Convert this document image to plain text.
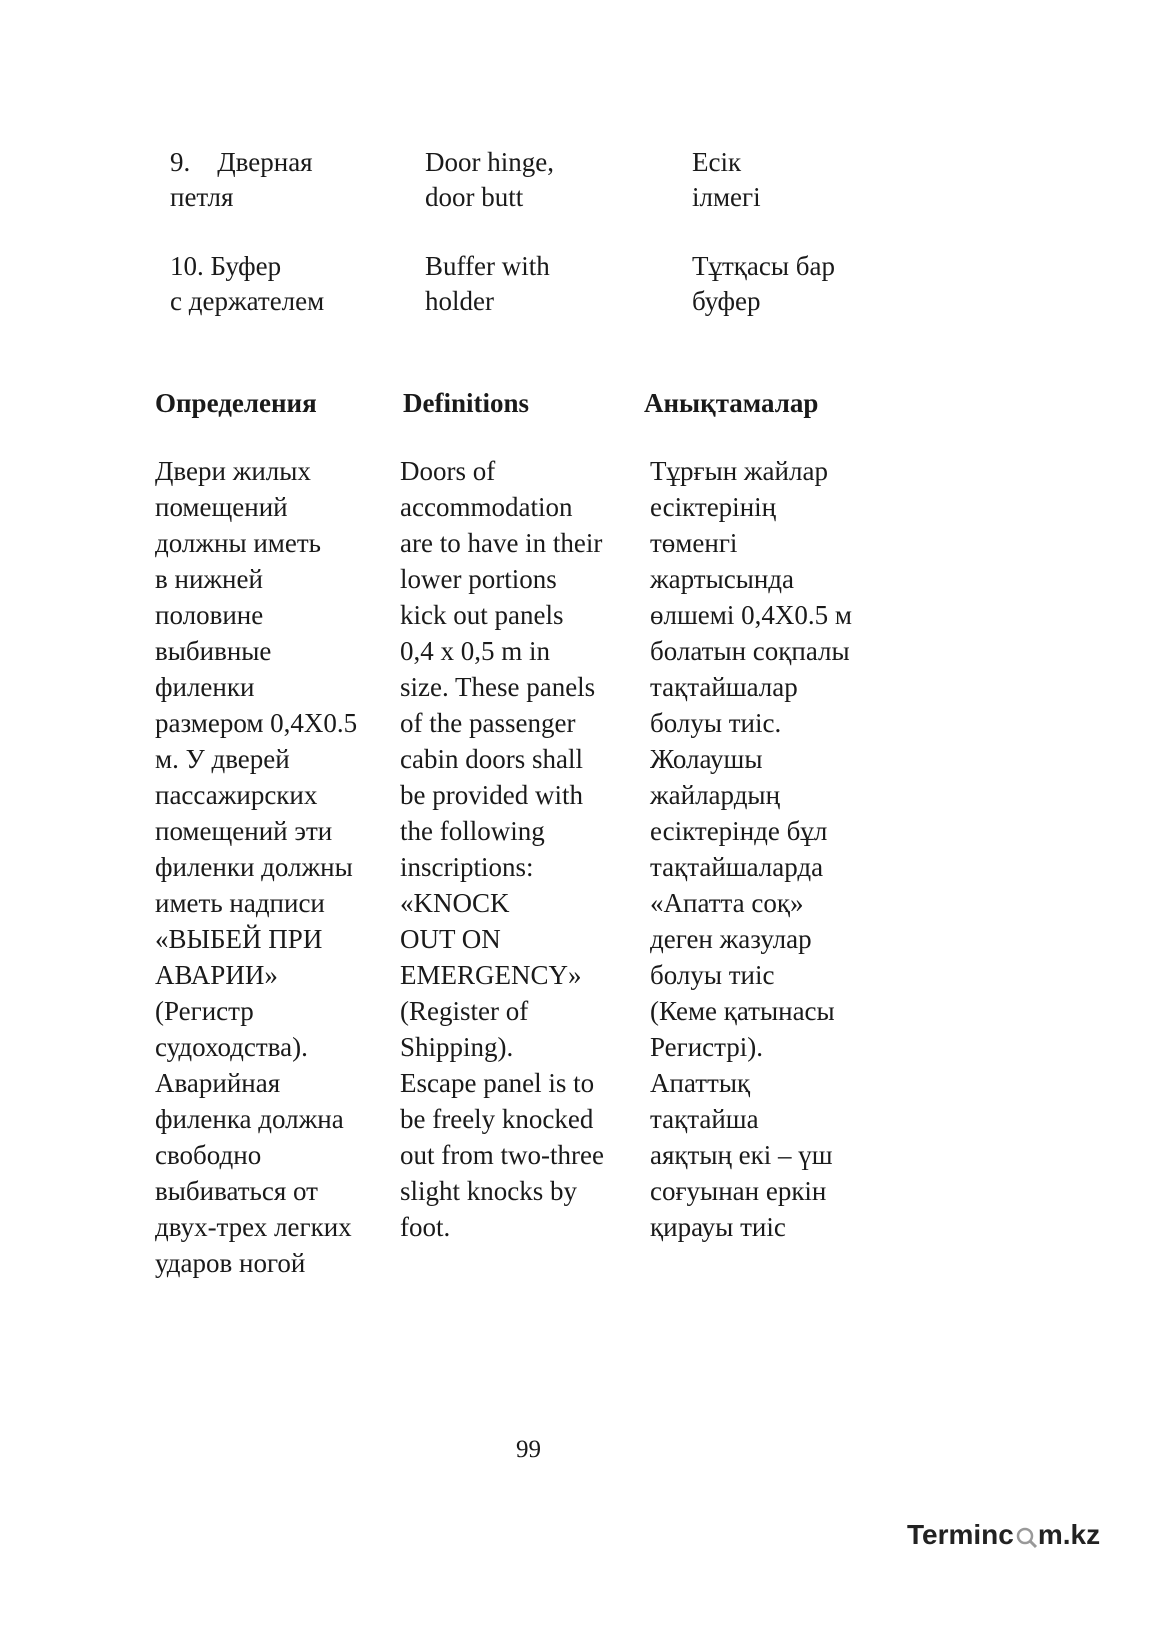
9. Дверная
петля
Door hinge,
door butt
Есік
ілмегі
10. Буфер
с держателем
Buffer with
holder
Тұтқасы бар
буфер
Определения	Definitions	Анықтамалар
Двери жилых
помещений
должны иметь
в нижней
половине
выбивные
филенки
размером 0,4Х0.5
м. У дверей
пассажирских
помещений эти
филенки должны
иметь надписи
«ВЫБЕЙ ПРИ
АВАРИИ»
(Регистр
судоходства).
Аварийная
филенка должна
свободно
выбиваться от
двух-трех легких
ударов ногой
Doors of
accommodation
are to have in their
lower portions
kick out panels
0,4 x 0,5 m in
size. These panels
of the passenger
cabin doors shall
be provided with
the following
inscriptions:
«KNOCK
OUT ON
EMERGENCY»
(Register of
Shipping).
Escape panel is to
be freely knocked
out from two-three
slight knocks by
foot.
Тұрғын жайлар
есіктерінің
төменгі
жартысында
өлшемі 0,4Х0.5 м
болатын соқпалы
тақтайшалар
болуы тиіс.
Жолаушы
жайлардың
есіктерінде бұл
тақтайшаларда
«Апатта соқ»
деген жазулар
болуы тиіс
(Кеме қатынасы
Регистрі).
Апаттық
тақтайша
аяқтың екі – үш
соғуынан еркін
қирауы тиіс
99
Terminc m.kz
